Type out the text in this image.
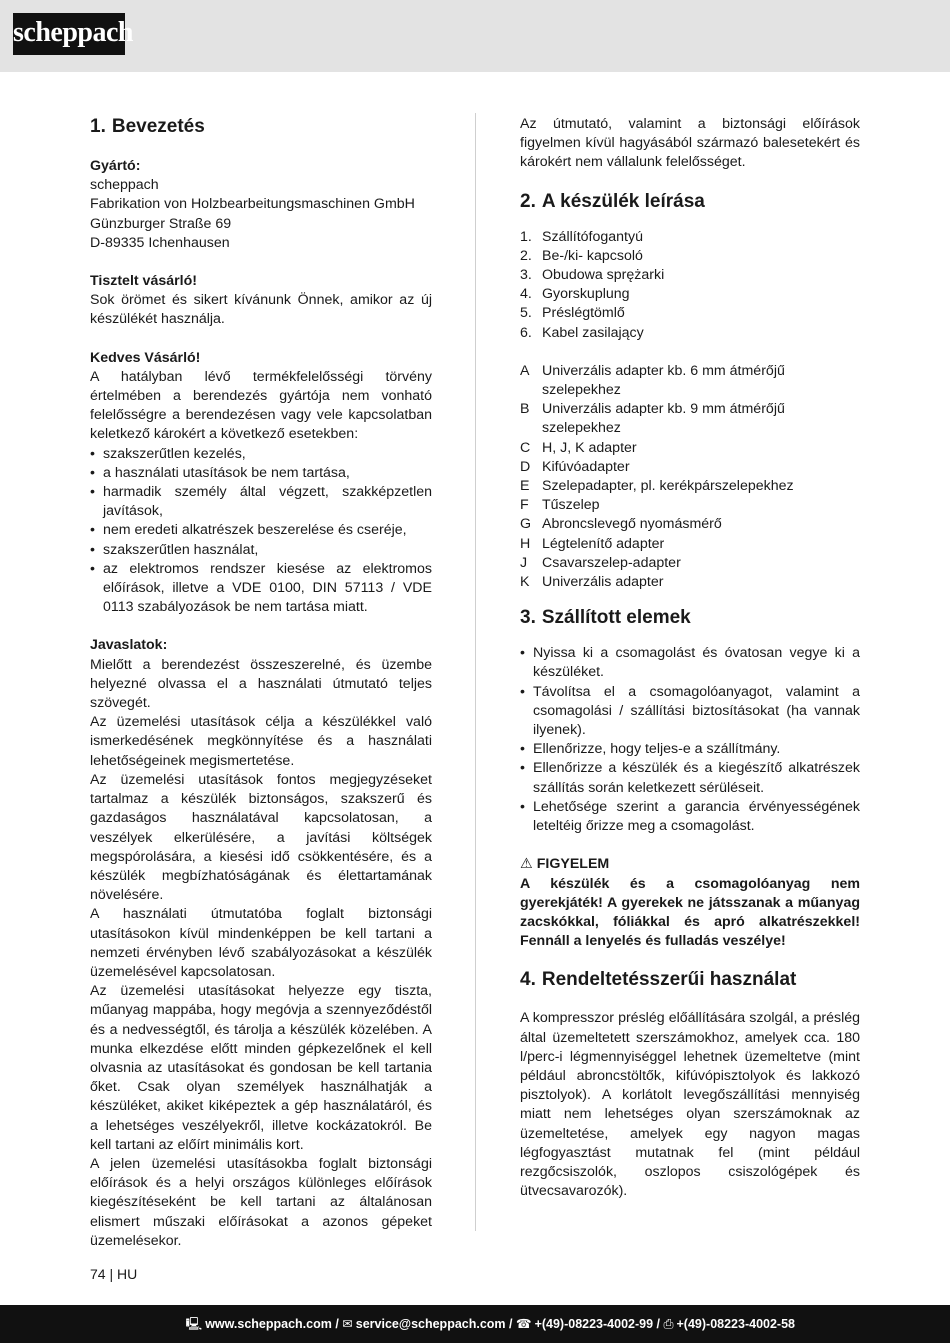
scheppach
1. Bevezetés

Gyártó:

scheppach

Fabrikation von Holzbearbeitungsmaschinen GmbH

Günzburger Straße 69

D-89335 Ichenhausen

Tisztelt vásárló!

Sok örömet és sikert kívánunk Önnek, amikor az új készülékét használja.

Kedves Vásárló!

A hatályban lévő termékfelelősségi törvény értelmében a berendezés gyártója nem vonható felelősségre a berendezésen vagy vele kapcsolatban keletkező károkért a következő esetekben:

• szakszerűtlen kezelés,
• a használati utasítások be nem tartása,
• harmadik személy által végzett, szakképzetlen javítások,
• nem eredeti alkatrészek beszerelése és cseréje,
• szakszerűtlen használat,
• az elektromos rendszer kiesése az elektromos előírások, illetve a VDE 0100, DIN 57113 / VDE 0113 szabályozások be nem tartása miatt.

Javaslatok:

Mielőtt a berendezést összeszerelné, és üzembe helyezné olvassa el a használati útmutató teljes szövegét.

Az üzemelési utasítások célja a készülékkel való ismerkedésének megkönnyítése és a használati lehetőségeinek megismertetése.

Az üzemelési utasítások fontos megjegyzéseket tartalmaz a készülék biztonságos, szakszerű és gazdaságos használatával kapcsolatosan, a veszélyek elkerülésére, a javítási költségek megspórolására, a kiesési idő csökkentésére, és a készülék megbízhatóságának és élettartamának növelésére.

A használati útmutatóba foglalt biztonsági utasításokon kívül mindenképpen be kell tartani a nemzeti érvényben lévő szabályozásokat a készülék üzemelésével kapcsolatosan.

Az üzemelési utasításokat helyezze egy tiszta, műanyag mappába, hogy megóvja a szennyeződéstől és a nedvességtől, és tárolja a készülék közelében. A munka elkezdése előtt minden gépkezelőnek el kell olvasnia az utasításokat és gondosan be kell tartania őket. Csak olyan személyek használhatják a készüléket, akiket kiképeztek a gép használatáról, és a lehetséges veszélyekről, illetve kockázatokról. Be kell tartani az előírt minimális kort.

A jelen üzemelési utasításokba foglalt biztonsági előírások és a helyi országos különleges előírások kiegészítéseként be kell tartani az általánosan elismert műszaki előírásokat a azonos gépeket üzemelésekor.

Az útmutató, valamint a biztonsági előírások figyelmen kívül hagyásából származó balesetekért és károkért nem vállalunk felelősséget.

2. A készülék leírása
1. Szállítófogantyú
2. Be-/ki- kapcsoló
3. Obudowa sprężarki
4. Gyorskuplung
5. Préslégtömlő
6. Kabel zasilający
A Univerzális adapter kb. 6 mm átmérőjű szelepekhez
B Univerzális adapter kb. 9 mm átmérőjű szelepekhez
C H, J, K adapter
D Kifúvóadapter
E Szelepadapter, pl. kerékpárszelepekhez
F Tűszelep
G Abroncslevegő nyomásmérő
H Légtelenítő adapter
J Csavarszelep-adapter
K Univerzális adapter
3. Szállított elemek
• Nyissa ki a csomagolást és óvatosan vegye ki a készüléket.
• Távolítsa el a csomagolóanyagot, valamint a csomagolási / szállítási biztosításokat (ha vannak ilyenek).
• Ellenőrizze, hogy teljes-e a szállítmány.
• Ellenőrizze a készülék és a kiegészítő alkatrészek szállítás során keletkezett sérüléseit.
• Lehetősége szerint a garancia érvényességének leteltéig őrizze meg a csomagolást.

⚠ FIGYELEM

A készülék és a csomagolóanyag nem gyerekjáték! A gyerekek ne játsszanak a műanyag zacskókkal, fóliákkal és apró alkatrészekkel! Fennáll a lenyelés és fulladás veszélye!

4. Rendeltetésszerűi használat

A kompresszor préslég előállítására szolgál, a préslég által üzemeltetett szerszámokhoz, amelyek cca. 180 l/perc-i légmennyiséggel lehetnek üzemeltetve (mint például abroncstöltők, kifúvópisztolyok és lakkozó pisztolyok). A korlátolt levegőszállítási mennyiség miatt nem lehetséges olyan szerszámoknak az üzemeltetése, amelyek egy nagyon magas légfogyasztást mutatnak fel (mint például rezgőcsiszolók, oszlopos csiszológépek és ütvecsavarozók).

74 | HU
🖳︎ www.scheppach.com / ✉︎ service@scheppach.com / ☎︎ +(49)-08223-4002-99 / ⎙ +(49)-08223-4002-58
